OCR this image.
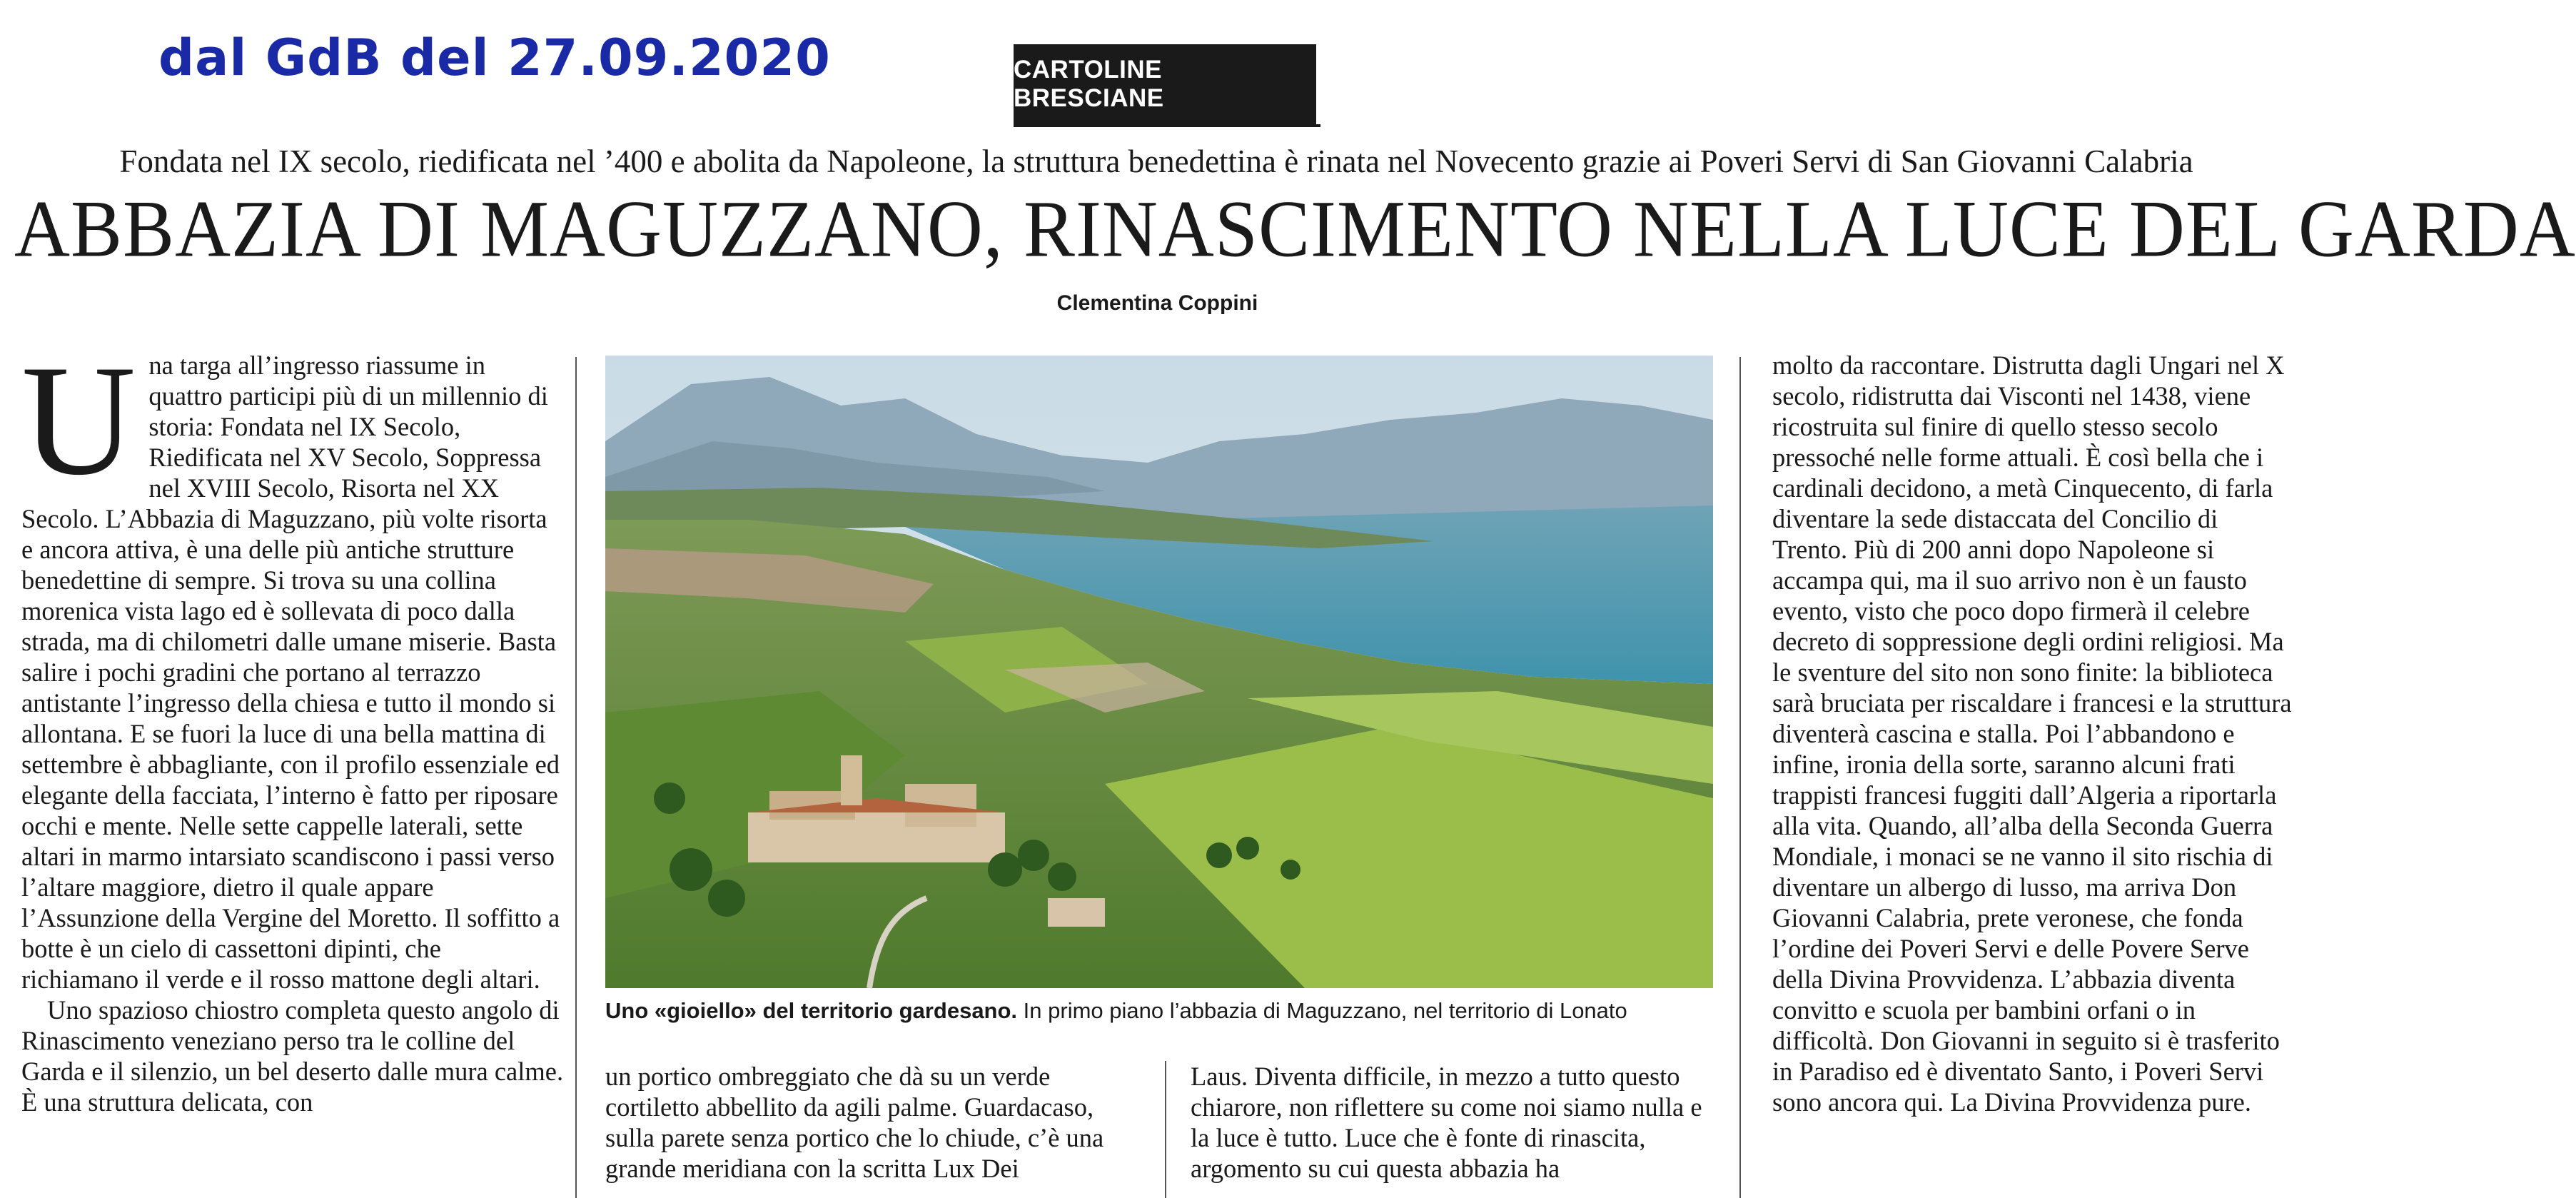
dal GdB del 27.09.2020	CARTOLINE BRESCIANE
Fondata nel IX secolo, riedificata nel ’400 e abolita da Napoleone, la struttura benedettina è rinata nel Novecento grazie ai Poveri Servi di San Giovanni Calabria
ABBAZIA DI MAGUZZANO, RINASCIMENTO NELLA LUCE DEL GARDA
Clementina Coppini
U na targa all’ingresso riassume in quattro participi più di un millennio di storia: Fondata nel IX Secolo, Riedificata nel XV Secolo, Soppressa nel XVIII Secolo, Risorta nel XX Secolo. L’Abbazia di Maguzzano, più volte risorta e ancora attiva, è una delle più antiche strutture benedettine di sempre. Si trova su una collina morenica vista lago ed è sollevata di poco dalla strada, ma di chilometri dalle umane miserie. Basta salire i pochi gradini che portano al terrazzo antistante l’ingresso della chiesa e tutto il mondo si allontana. E se fuori la luce di una bella mattina di settembre è abbagliante, con il profilo essenziale ed elegante della facciata, l’interno è fatto per riposare occhi e mente. Nelle sette cappelle laterali, sette altari in marmo intarsiato scandiscono i passi verso l’altare maggiore, dietro il quale appare l’Assunzione della Vergine del Moretto. Il soffitto a botte è un cielo di cassettoni dipinti, che richiamano il verde e il rosso mattone degli altari.

Uno spazioso chiostro completa questo angolo di Rinascimento veneziano perso tra le colline del Garda e il silenzio, un bel deserto dalle mura calme. È una struttura delicata, con

Uno «gioiello» del territorio gardesano. In primo piano l’abbazia di Maguzzano, nel territorio di Lonato

un portico ombreggiato che dà su un verde cortiletto abbellito da agili palme. Guardacaso, sulla parete senza portico che lo chiude, c’è una grande meridiana con la scritta Lux Dei

Laus. Diventa difficile, in mezzo a tutto questo chiarore, non riflettere su come noi siamo nulla e la luce è tutto. Luce che è fonte di rinascita, argomento su cui questa abbazia ha

molto da raccontare. Distrutta dagli Ungari nel X secolo, ridistrutta dai Visconti nel 1438, viene ricostruita sul finire di quello stesso secolo pressoché nelle forme attuali. È così bella che i cardinali decidono, a metà Cinquecento, di farla diventare la sede distaccata del Concilio di Trento. Più di 200 anni dopo Napoleone si accampa qui, ma il suo arrivo non è un fausto evento, visto che poco dopo firmerà il celebre decreto di soppressione degli ordini religiosi. Ma le sventure del sito non sono finite: la biblioteca sarà bruciata per riscaldare i francesi e la struttura diventerà cascina e stalla. Poi l’abbandono e infine, ironia della sorte, saranno alcuni frati trappisti francesi fuggiti dall’Algeria a riportarla alla vita. Quando, all’alba della Seconda Guerra Mondiale, i monaci se ne vanno il sito rischia di diventare un albergo di lusso, ma arriva Don Giovanni Calabria, prete veronese, che fonda l’ordine dei Poveri Servi e delle Povere Serve della Divina Provvidenza. L’abbazia diventa convitto e scuola per bambini orfani o in difficoltà. Don Giovanni in seguito si è trasferito in Paradiso ed è diventato Santo, i Poveri Servi sono ancora qui. La Divina Provvidenza pure.
